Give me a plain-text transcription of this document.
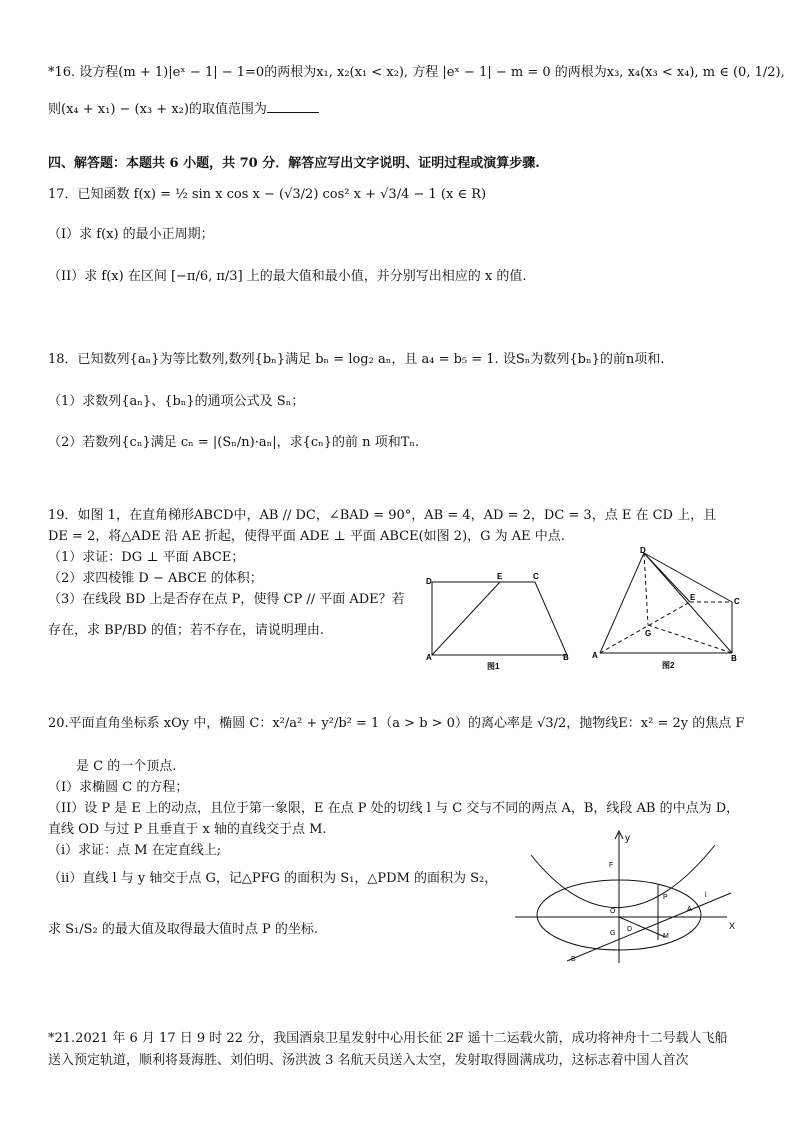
*16. 设方程(m + 1)|eˣ − 1| − 1=0的两根为x₁, x₂(x₁ < x₂), 方程 |eˣ − 1| − m = 0 的两根为x₃, x₄(x₃ < x₄), m ∈ (0, 1/2),
则(x₄ + x₁) − (x₃ + x₂)的取值范围为
四、解答题：本题共 6 小题，共 70 分．解答应写出文字说明、证明过程或演算步骤.
17．已知函数 f(x) = ½ sin x cos x − (√3/2) cos² x + √3/4 − 1 (x ∈ R)
（I）求 f(x) 的最小正周期；
（II）求 f(x) 在区间 [−π/6, π/3] 上的最大值和最小值，并分别写出相应的 x 的值.
18．已知数列{aₙ}为等比数列,数列{bₙ}满足 bₙ = log₂ aₙ，且 a₄ = b₅ = 1. 设Sₙ为数列{bₙ}的前n项和.
（1）求数列{aₙ}、{bₙ}的通项公式及 Sₙ；
（2）若数列{cₙ}满足 cₙ = |(Sₙ/n)·aₙ|，求{cₙ}的前 n 项和Tₙ.
19．如图 1，在直角梯形ABCD中，AB // DC，∠BAD = 90°，AB = 4，AD = 2，DC = 3，点 E 在 CD 上，且
DE = 2，将△ADE 沿 AE 折起，使得平面 ADE ⊥ 平面 ABCE(如图 2)，G 为 AE 中点.
（1）求证：DG ⊥ 平面 ABCE；
（2）求四棱锥 D − ABCE 的体积；
（3）在线段 BD 上是否存在点 P，使得 CP // 平面 ADE？若
存在，求 BP/BD 的值；若不存在，请说明理由.
D
E	C
A	B
图1
D
E	C
G
A	B
图2
20.平面直角坐标系 xOy 中，椭圆 C：x²/a² + y²/b² = 1（a > b > 0）的离心率是 √3/2，抛物线E：x² = 2y 的焦点 F
是 C 的一个顶点.
（I）求椭圆 C 的方程；
（II）设 P 是 E 上的动点，且位于第一象限，E 在点 P 处的切线 l 与 C 交与不同的两点 A，B，线段 AB 的中点为 D，
直线 OD 与过 P 且垂直于 x 轴的直线交于点 M.
（i）求证：点 M 在定直线上;
（ii）直线 l 与 y 轴交于点 G，记△PFG 的面积为 S₁，△PDM 的面积为 S₂，
求 S₁/S₂ 的最大值及取得最大值时点 P 的坐标.
y
X
F
O
G
D
M
P
A
l
B
*21.2021 年 6 月 17 日 9 时 22 分，我国酒泉卫星发射中心用长征 2F 遥十二运载火箭，成功将神舟十二号载人飞船
送入预定轨道，顺利将聂海胜、刘伯明、汤洪波 3 名航天员送入太空，发射取得圆满成功，这标志着中国人首次
